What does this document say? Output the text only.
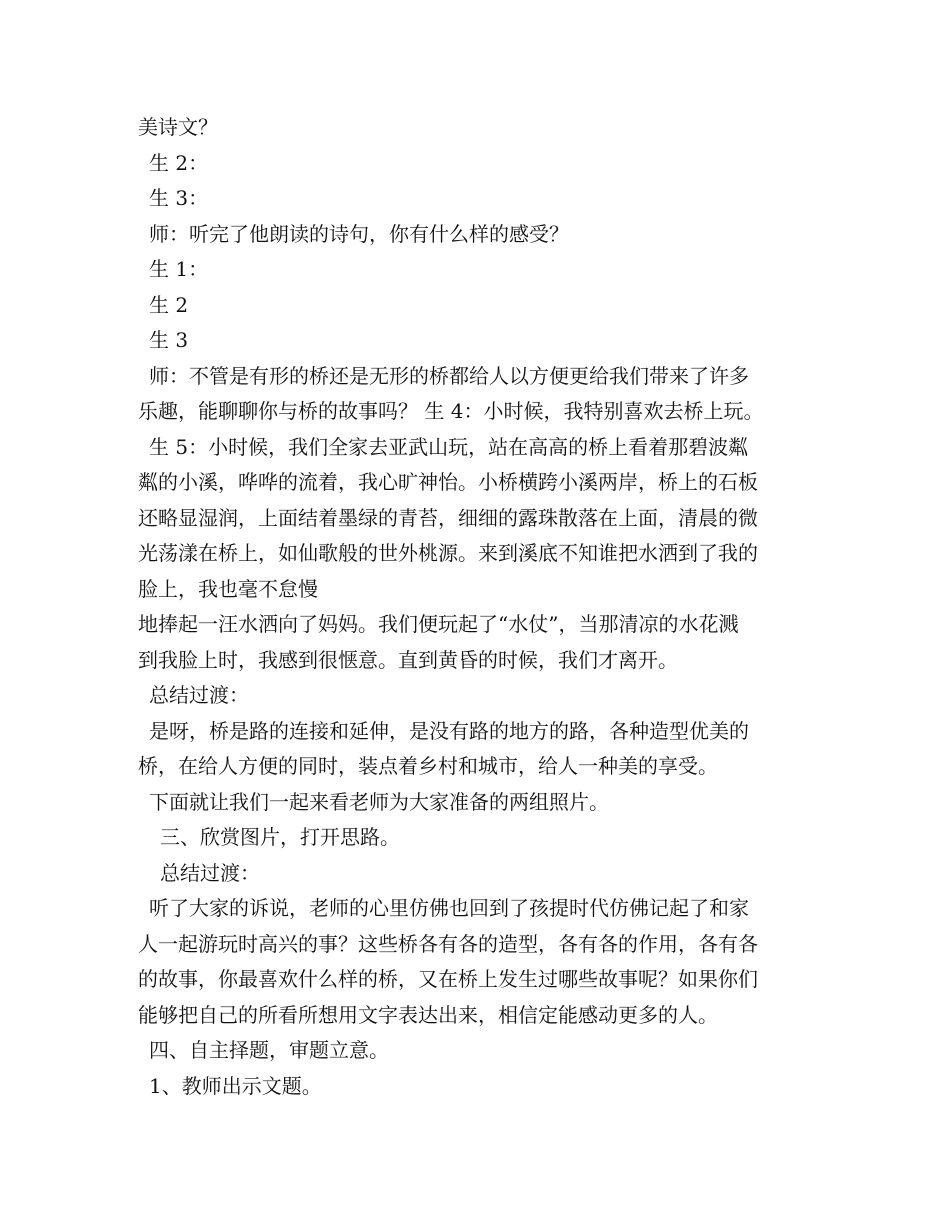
美诗文？
生 2：
生 3：
师：听完了他朗读的诗句，你有什么样的感受？
生 1：
生 2
生 3
师：不管是有形的桥还是无形的桥都给人以方便更给我们带来了许多
乐趣，能聊聊你与桥的故事吗？ 生 4：小时候，我特别喜欢去桥上玩。
生 5：小时候，我们全家去亚武山玩，站在高高的桥上看着那碧波粼
粼的小溪，哗哗的流着，我心旷神怡。小桥横跨小溪两岸，桥上的石板
还略显湿润，上面结着墨绿的青苔，细细的露珠散落在上面，清晨的微
光荡漾在桥上，如仙歌般的世外桃源。来到溪底不知谁把水洒到了我的
脸上，我也毫不怠慢
地捧起一汪水洒向了妈妈。我们便玩起了“水仗”，当那清凉的水花溅
到我脸上时，我感到很惬意。直到黄昏的时候，我们才离开。
总结过渡：
是呀，桥是路的连接和延伸，是没有路的地方的路，各种造型优美的
桥，在给人方便的同时，装点着乡村和城市，给人一种美的享受。
下面就让我们一起来看老师为大家准备的两组照片。
三、欣赏图片，打开思路。
总结过渡：
听了大家的诉说，老师的心里仿佛也回到了孩提时代仿佛记起了和家
人一起游玩时高兴的事？这些桥各有各的造型，各有各的作用，各有各
的故事，你最喜欢什么样的桥，又在桥上发生过哪些故事呢？如果你们
能够把自己的所看所想用文字表达出来，相信定能感动更多的人。
四、自主择题，审题立意。
1、教师出示文题。
